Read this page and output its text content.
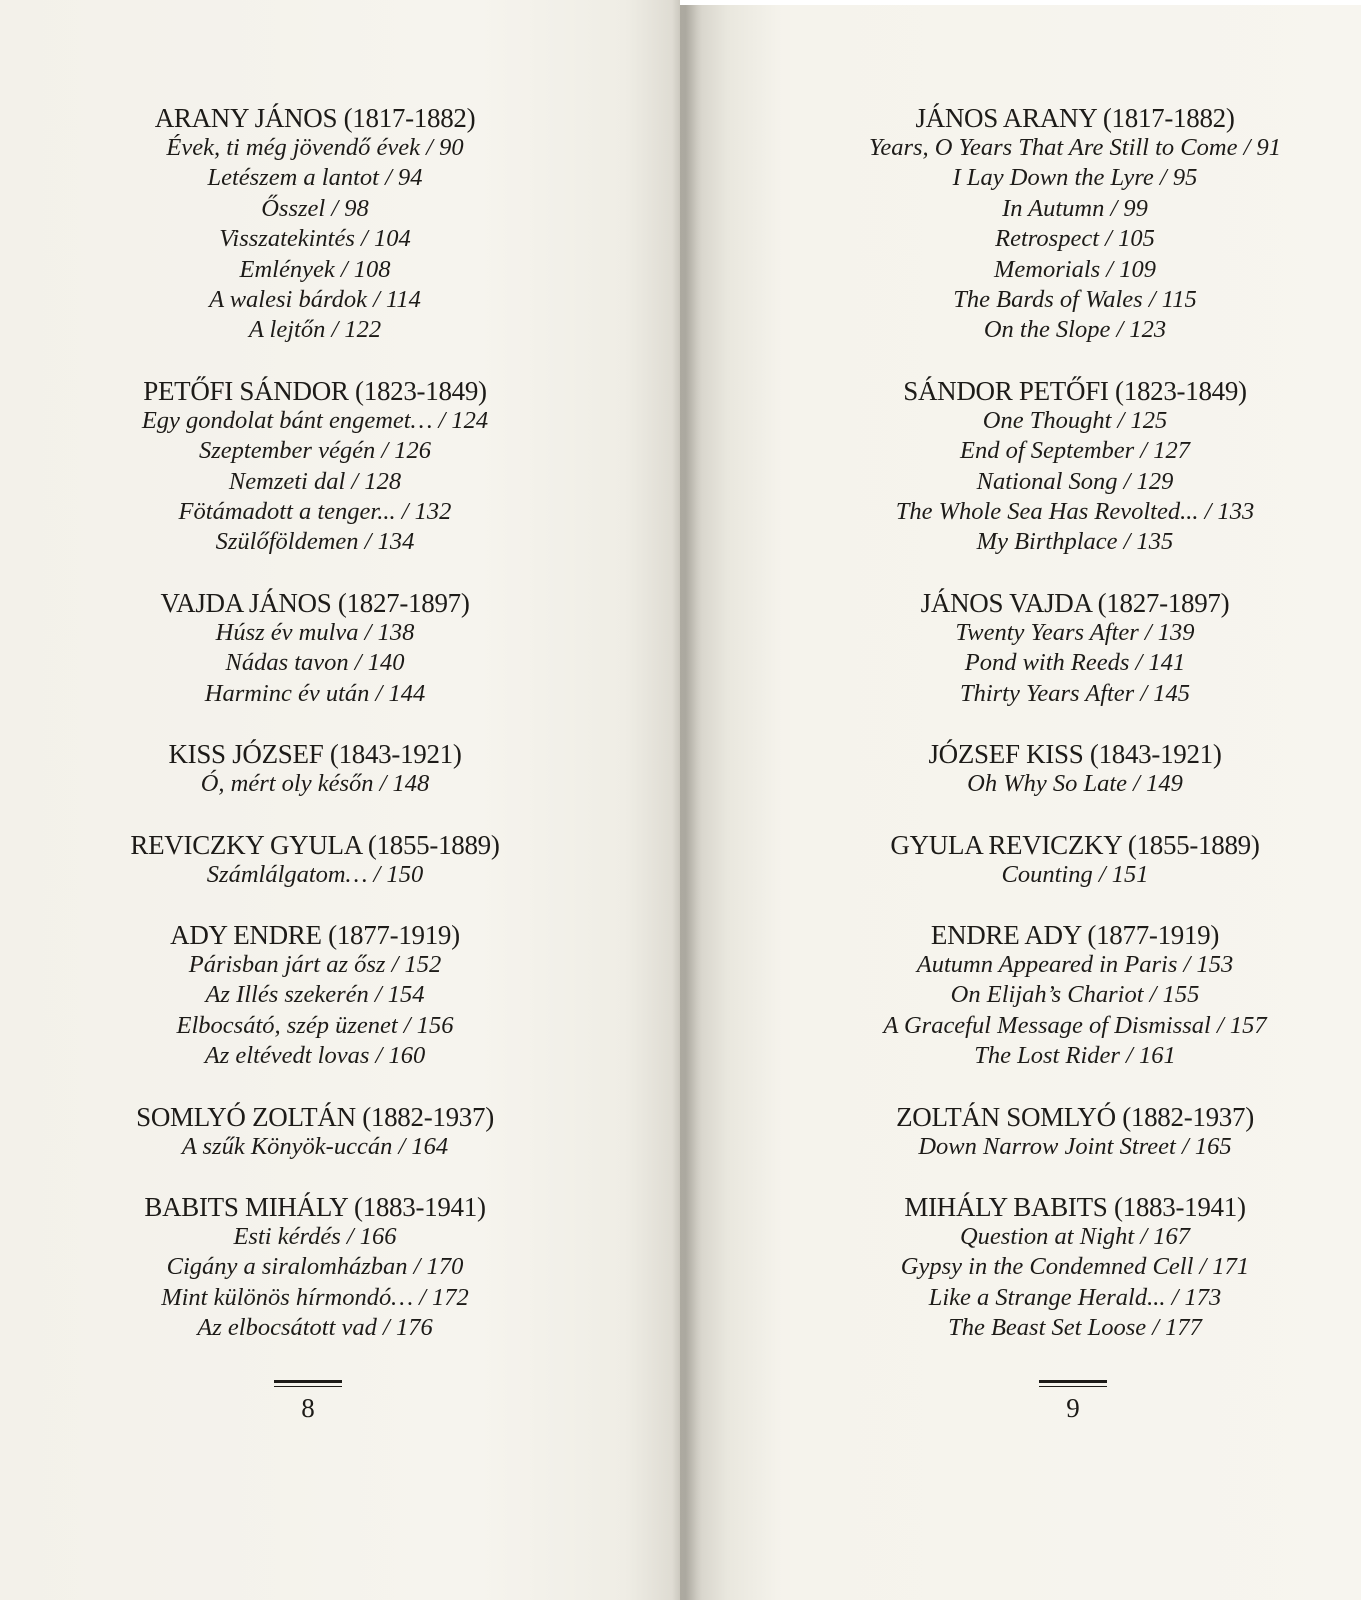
ARANY JÁNOS (1817-1882)
Évek, ti még jövendő évek / 90
Letészem a lantot / 94
Ősszel / 98
Visszatekintés / 104
Emlények / 108
A walesi bárdok / 114
A lejtőn / 122
PETŐFI SÁNDOR (1823-1849)
Egy gondolat bánt engemet… / 124
Szeptember végén / 126
Nemzeti dal / 128
Fötámadott a tenger... / 132
Szülőföldemen / 134
VAJDA JÁNOS (1827-1897)
Húsz év mulva / 138
Nádas tavon / 140
Harminc év után / 144
KISS JÓZSEF (1843-1921)
Ó, mért oly későn / 148
REVICZKY GYULA (1855-1889)
Számlálgatom… / 150
ADY ENDRE (1877-1919)
Párisban járt az ősz / 152
Az Illés szekerén / 154
Elbocsátó, szép üzenet / 156
Az eltévedt lovas / 160
SOMLYÓ ZOLTÁN (1882-1937)
A szűk Könyök-uccán / 164
BABITS MIHÁLY (1883-1941)
Esti kérdés / 166
Cigány a siralomházban / 170
Mint különös hírmondó… / 172
Az elbocsátott vad / 176
8
JÁNOS ARANY (1817-1882)
Years, O Years That Are Still to Come / 91
I Lay Down the Lyre / 95
In Autumn / 99
Retrospect / 105
Memorials / 109
The Bards of Wales / 115
On the Slope / 123
SÁNDOR PETŐFI (1823-1849)
One Thought / 125
End of September / 127
National Song / 129
The Whole Sea Has Revolted... / 133
My Birthplace / 135
JÁNOS VAJDA (1827-1897)
Twenty Years After / 139
Pond with Reeds / 141
Thirty Years After / 145
JÓZSEF KISS (1843-1921)
Oh Why So Late / 149
GYULA REVICZKY (1855-1889)
Counting / 151
ENDRE ADY (1877-1919)
Autumn Appeared in Paris / 153
On Elijah’s Chariot / 155
A Graceful Message of Dismissal / 157
The Lost Rider / 161
ZOLTÁN SOMLYÓ (1882-1937)
Down Narrow Joint Street / 165
MIHÁLY BABITS (1883-1941)
Question at Night / 167
Gypsy in the Condemned Cell / 171
Like a Strange Herald... / 173
The Beast Set Loose / 177
9
